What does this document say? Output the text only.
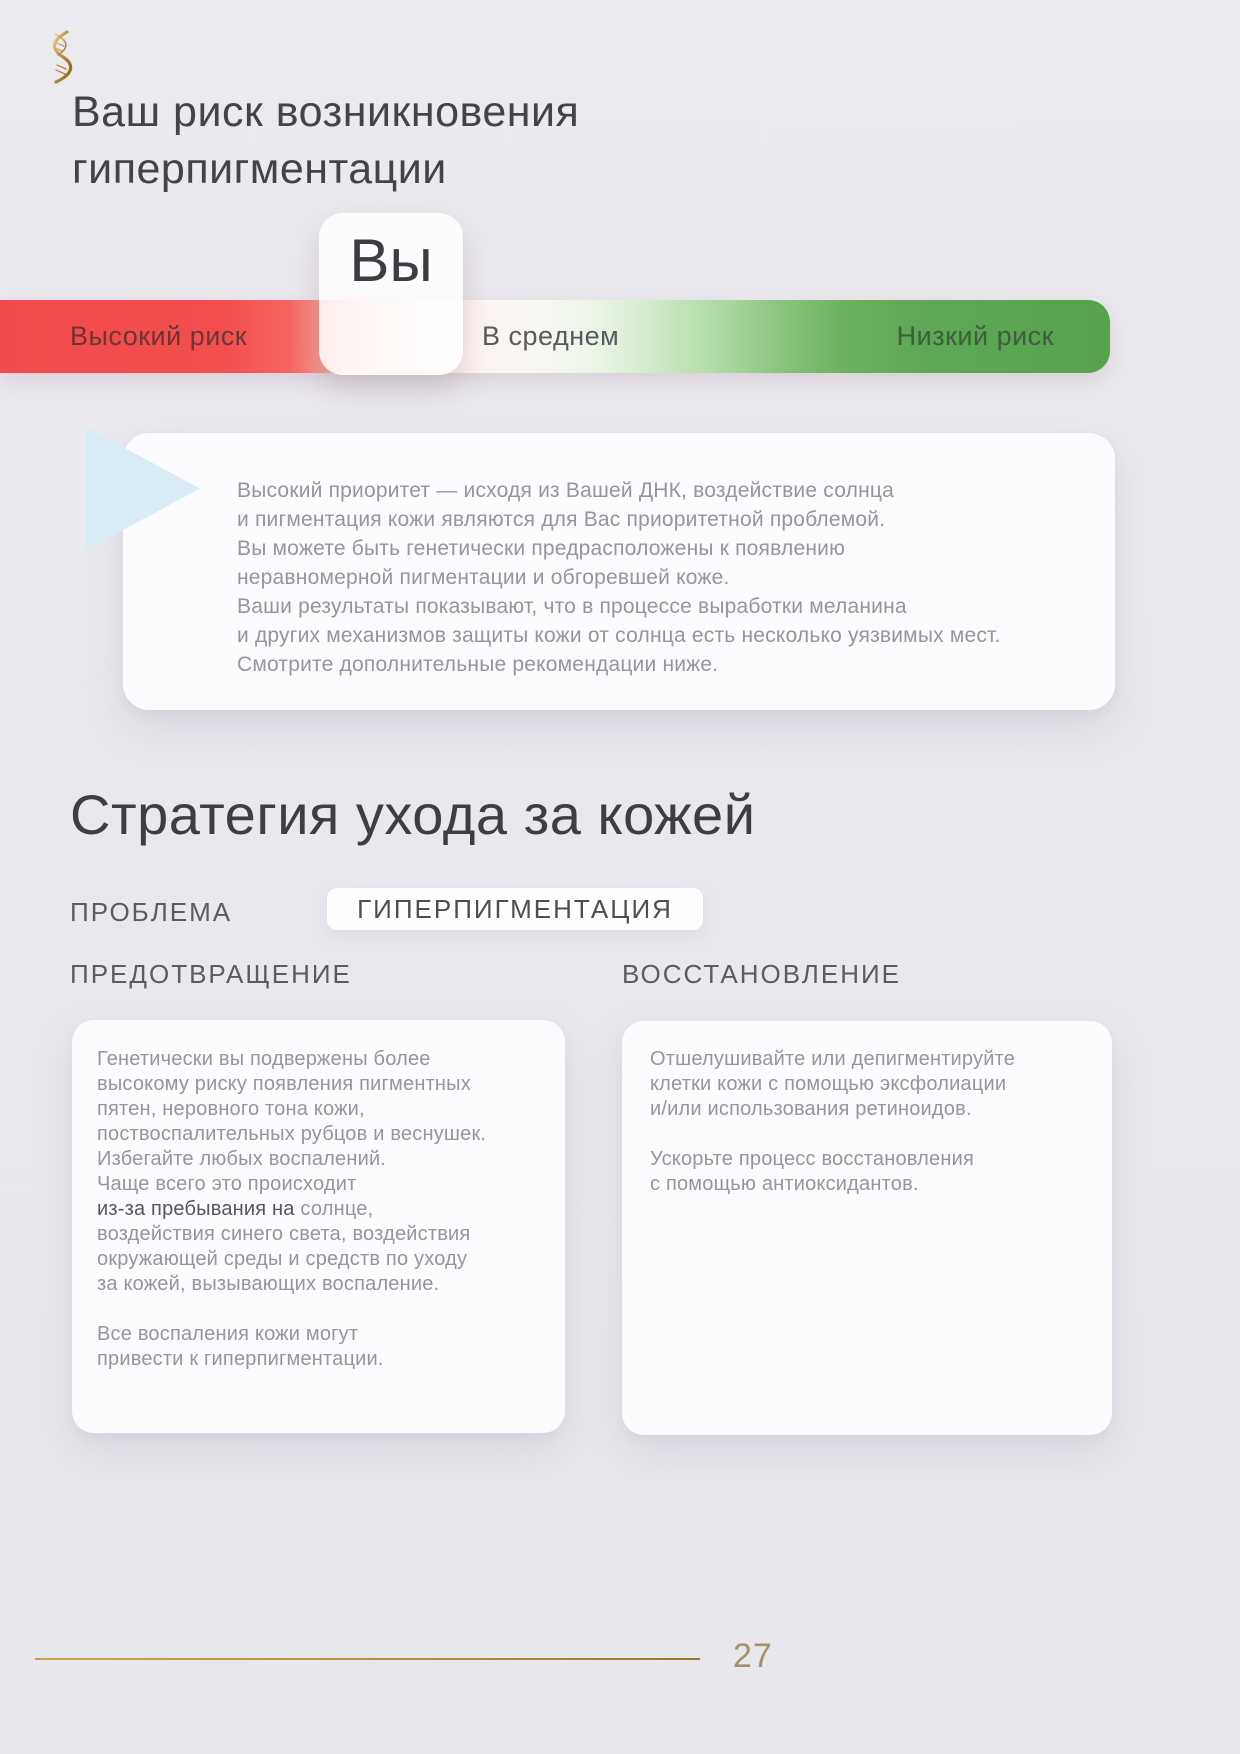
Ваш риск возникновения
гиперпигментации
Высокий риск	В среднем	Низкий риск
Вы
Высокий приоритет — исходя из Вашей ДНК, воздействие солнца
и пигментация кожи являются для Вас приоритетной проблемой.
Вы можете быть генетически предрасположены к появлению
неравномерной пигментации и обгоревшей коже.
Ваши результаты показывают, что в процессе выработки меланина
и других механизмов защиты кожи от солнца есть несколько уязвимых мест.
Смотрите дополнительные рекомендации ниже.
Стратегия ухода за кожей
ПРОБЛЕМА	ГИПЕРПИГМЕНТАЦИЯ
ПРЕДОТВРАЩЕНИЕ	ВОССТАНОВЛЕНИЕ

Генетически вы подвержены более
высокому риску появления пигментных
пятен, неровного тона кожи,
поствоспалительных рубцов и веснушек.
Избегайте любых воспалений.
Чаще всего это происходит
из-за пребывания на солнце,
воздействия синего света, воздействия
окружающей среды и средств по уходу
за кожей, вызывающих воспаление.

Все воспаления кожи могут
привести к гиперпигментации.

Отшелушивайте или депигментируйте
клетки кожи с помощью эксфолиации
и/или использования ретиноидов.

Ускорьте процесс восстановления
с помощью антиоксидантов.

27
